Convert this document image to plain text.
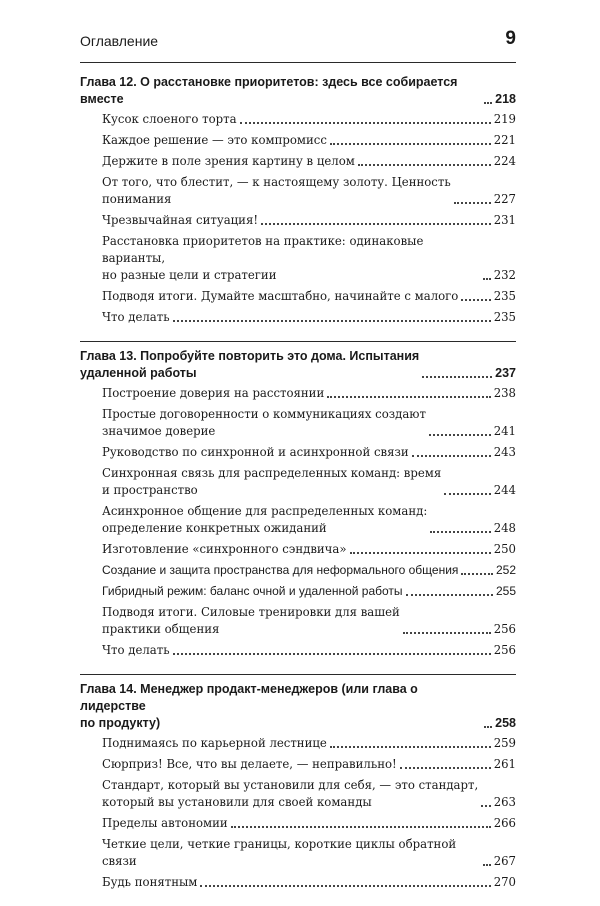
Оглавление	9
Глава 12. О расстановке приоритетов: здесь все собирается вместе	218
Кусок слоеного торта	219
Каждое решение — это компромисс	221
Держите в поле зрения картину в целом	224
От того, что блестит, — к настоящему золоту. Ценность
понимания	227
Чрезвычайная ситуация!	231
Расстановка приоритетов на практике: одинаковые варианты,
но разные цели и стратегии	232
Подводя итоги. Думайте масштабно, начинайте с малого	235
Что делать	235
Глава 13. Попробуйте повторить это дома. Испытания
удаленной работы	237
Построение доверия на расстоянии	238
Простые договоренности о коммуникациях создают
значимое доверие	241
Руководство по синхронной и асинхронной связи	243
Синхронная связь для распределенных команд: время
и пространство	244
Асинхронное общение для распределенных команд:
определение конкретных ожиданий	248
Изготовление «синхронного сэндвича»	250
Создание и защита пространства для неформального общения	252
Гибридный режим: баланс очной и удаленной работы	255
Подводя итоги. Силовые тренировки для вашей
практики общения	256
Что делать	256
Глава 14. Менеджер продакт-менеджеров (или глава о лидерстве
по продукту)	258
Поднимаясь по карьерной лестнице	259
Сюрприз! Все, что вы делаете, — неправильно!	261
Стандарт, который вы установили для себя, — это стандарт,
который вы установили для своей команды	263
Пределы автономии	266
Четкие цели, четкие границы, короткие циклы обратной связи	267
Будь понятным	270
